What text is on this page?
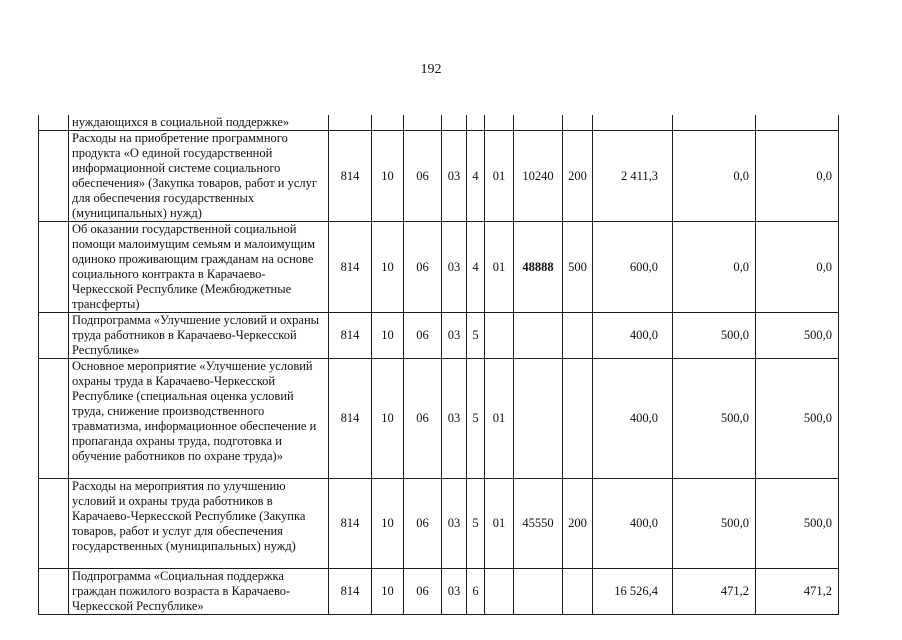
192
	нуждающихся в социальной поддержке»											
	Расходы на приобретение программного продукта «О единой государственной информационной системе социального обеспечения» (Закупка товаров, работ и услуг для обеспечения государственных (муниципальных) нужд)	814	10	06	03	4	01	10240	200	2 411,3	0,0	0,0
	Об оказании государственной социальной помощи малоимущим семьям и малоимущим одиноко проживающим гражданам на основе социального контракта в Карачаево-Черкесской Республике (Межбюджетные трансферты)	814	10	06	03	4	01	48888	500	600,0	0,0	0,0
	Подпрограмма «Улучшение условий и охраны труда работников в Карачаево-Черкесской Республике»	814	10	06	03	5				400,0	500,0	500,0
	Основное мероприятие «Улучшение условий охраны труда в Карачаево-Черкесской Республике (специальная оценка условий труда, снижение производственного травматизма, информационное обеспечение и пропаганда охраны труда, подготовка и обучение работников по охране труда)»	814	10	06	03	5	01			400,0	500,0	500,0
	Расходы на мероприятия по улучшению условий и охраны труда работников в Карачаево-Черкесской Республике (Закупка товаров, работ и услуг для обеспечения государственных (муниципальных) нужд)	814	10	06	03	5	01	45550	200	400,0	500,0	500,0
	Подпрограмма «Социальная поддержка граждан пожилого возраста в Карачаево-Черкесской Республике»	814	10	06	03	6				16 526,4	471,2	471,2
